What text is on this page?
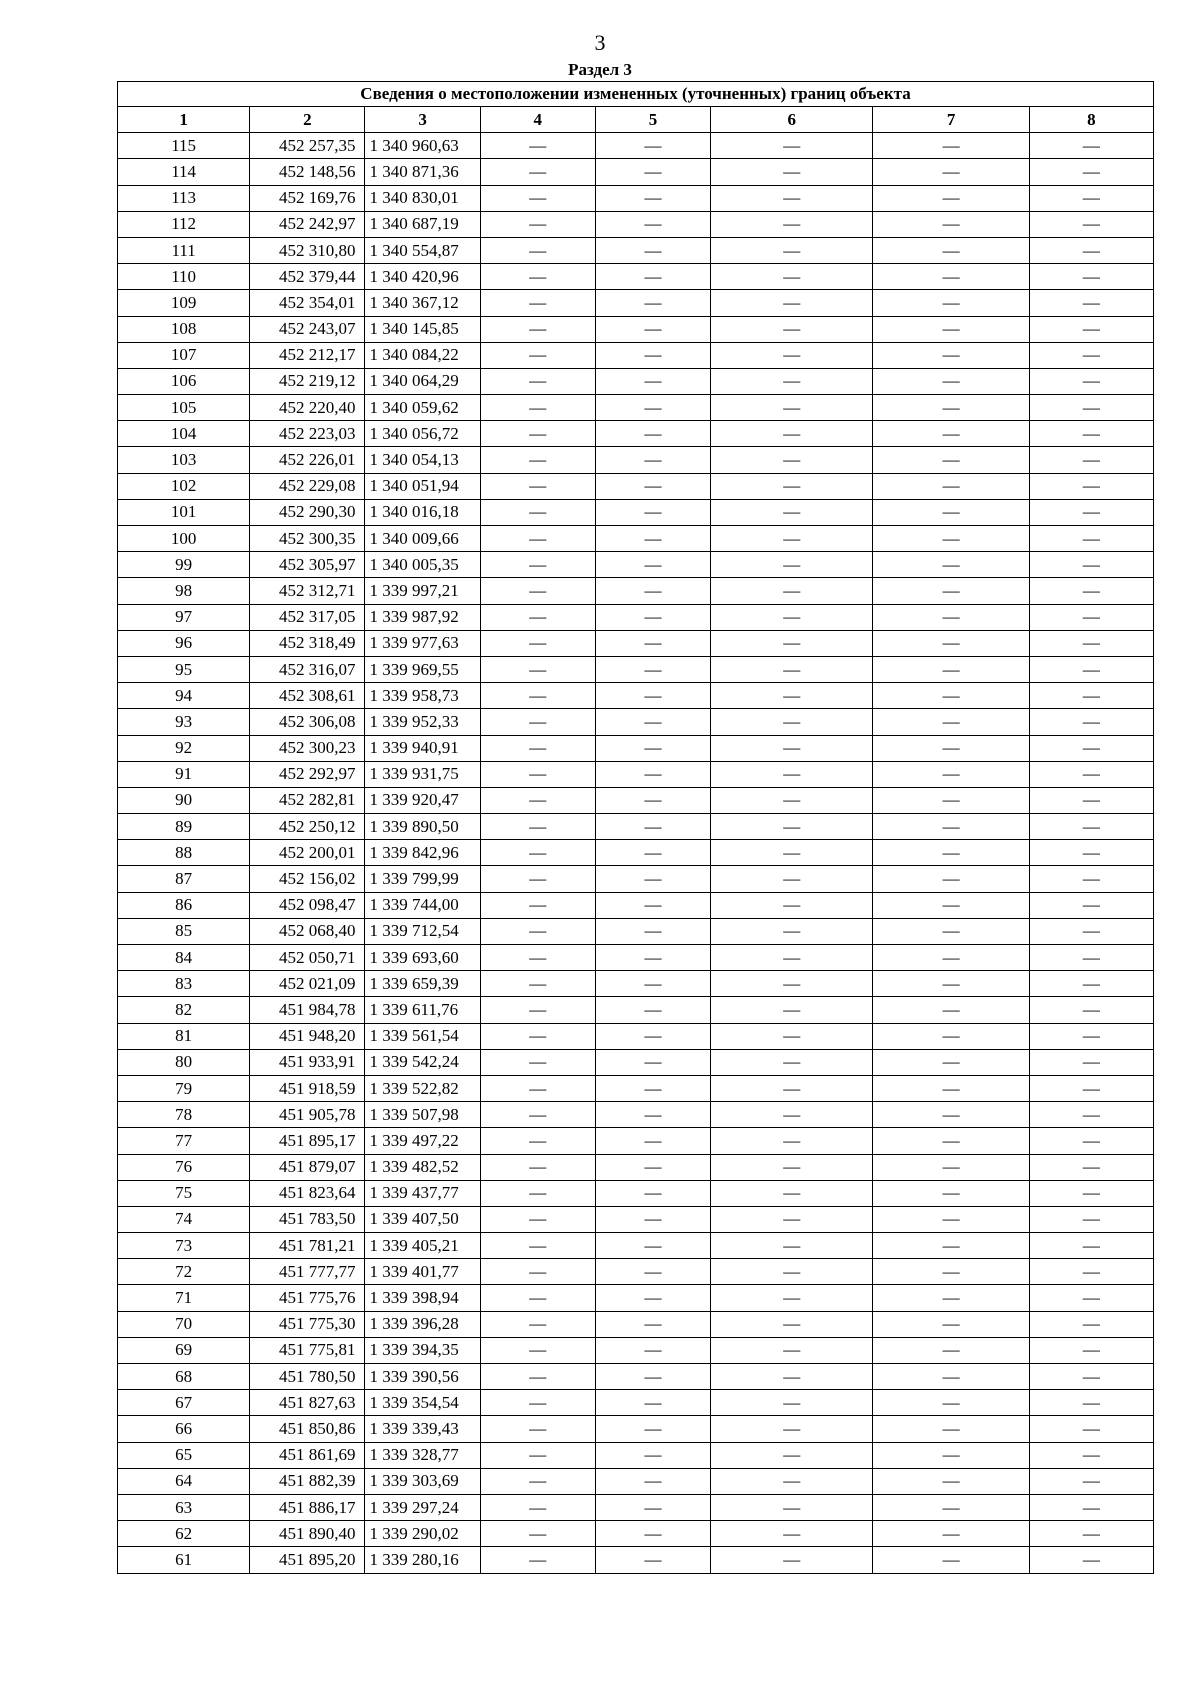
3
Раздел 3
Сведения о местоположении измененных (уточненных) границ объекта							
1	2	3	4	5	6	7	8
115	452 257,35	1 340 960,63	—	—	—	—	—
114	452 148,56	1 340 871,36	—	—	—	—	—
113	452 169,76	1 340 830,01	—	—	—	—	—
112	452 242,97	1 340 687,19	—	—	—	—	—
111	452 310,80	1 340 554,87	—	—	—	—	—
110	452 379,44	1 340 420,96	—	—	—	—	—
109	452 354,01	1 340 367,12	—	—	—	—	—
108	452 243,07	1 340 145,85	—	—	—	—	—
107	452 212,17	1 340 084,22	—	—	—	—	—
106	452 219,12	1 340 064,29	—	—	—	—	—
105	452 220,40	1 340 059,62	—	—	—	—	—
104	452 223,03	1 340 056,72	—	—	—	—	—
103	452 226,01	1 340 054,13	—	—	—	—	—
102	452 229,08	1 340 051,94	—	—	—	—	—
101	452 290,30	1 340 016,18	—	—	—	—	—
100	452 300,35	1 340 009,66	—	—	—	—	—
99	452 305,97	1 340 005,35	—	—	—	—	—
98	452 312,71	1 339 997,21	—	—	—	—	—
97	452 317,05	1 339 987,92	—	—	—	—	—
96	452 318,49	1 339 977,63	—	—	—	—	—
95	452 316,07	1 339 969,55	—	—	—	—	—
94	452 308,61	1 339 958,73	—	—	—	—	—
93	452 306,08	1 339 952,33	—	—	—	—	—
92	452 300,23	1 339 940,91	—	—	—	—	—
91	452 292,97	1 339 931,75	—	—	—	—	—
90	452 282,81	1 339 920,47	—	—	—	—	—
89	452 250,12	1 339 890,50	—	—	—	—	—
88	452 200,01	1 339 842,96	—	—	—	—	—
87	452 156,02	1 339 799,99	—	—	—	—	—
86	452 098,47	1 339 744,00	—	—	—	—	—
85	452 068,40	1 339 712,54	—	—	—	—	—
84	452 050,71	1 339 693,60	—	—	—	—	—
83	452 021,09	1 339 659,39	—	—	—	—	—
82	451 984,78	1 339 611,76	—	—	—	—	—
81	451 948,20	1 339 561,54	—	—	—	—	—
80	451 933,91	1 339 542,24	—	—	—	—	—
79	451 918,59	1 339 522,82	—	—	—	—	—
78	451 905,78	1 339 507,98	—	—	—	—	—
77	451 895,17	1 339 497,22	—	—	—	—	—
76	451 879,07	1 339 482,52	—	—	—	—	—
75	451 823,64	1 339 437,77	—	—	—	—	—
74	451 783,50	1 339 407,50	—	—	—	—	—
73	451 781,21	1 339 405,21	—	—	—	—	—
72	451 777,77	1 339 401,77	—	—	—	—	—
71	451 775,76	1 339 398,94	—	—	—	—	—
70	451 775,30	1 339 396,28	—	—	—	—	—
69	451 775,81	1 339 394,35	—	—	—	—	—
68	451 780,50	1 339 390,56	—	—	—	—	—
67	451 827,63	1 339 354,54	—	—	—	—	—
66	451 850,86	1 339 339,43	—	—	—	—	—
65	451 861,69	1 339 328,77	—	—	—	—	—
64	451 882,39	1 339 303,69	—	—	—	—	—
63	451 886,17	1 339 297,24	—	—	—	—	—
62	451 890,40	1 339 290,02	—	—	—	—	—
61	451 895,20	1 339 280,16	—	—	—	—	—
